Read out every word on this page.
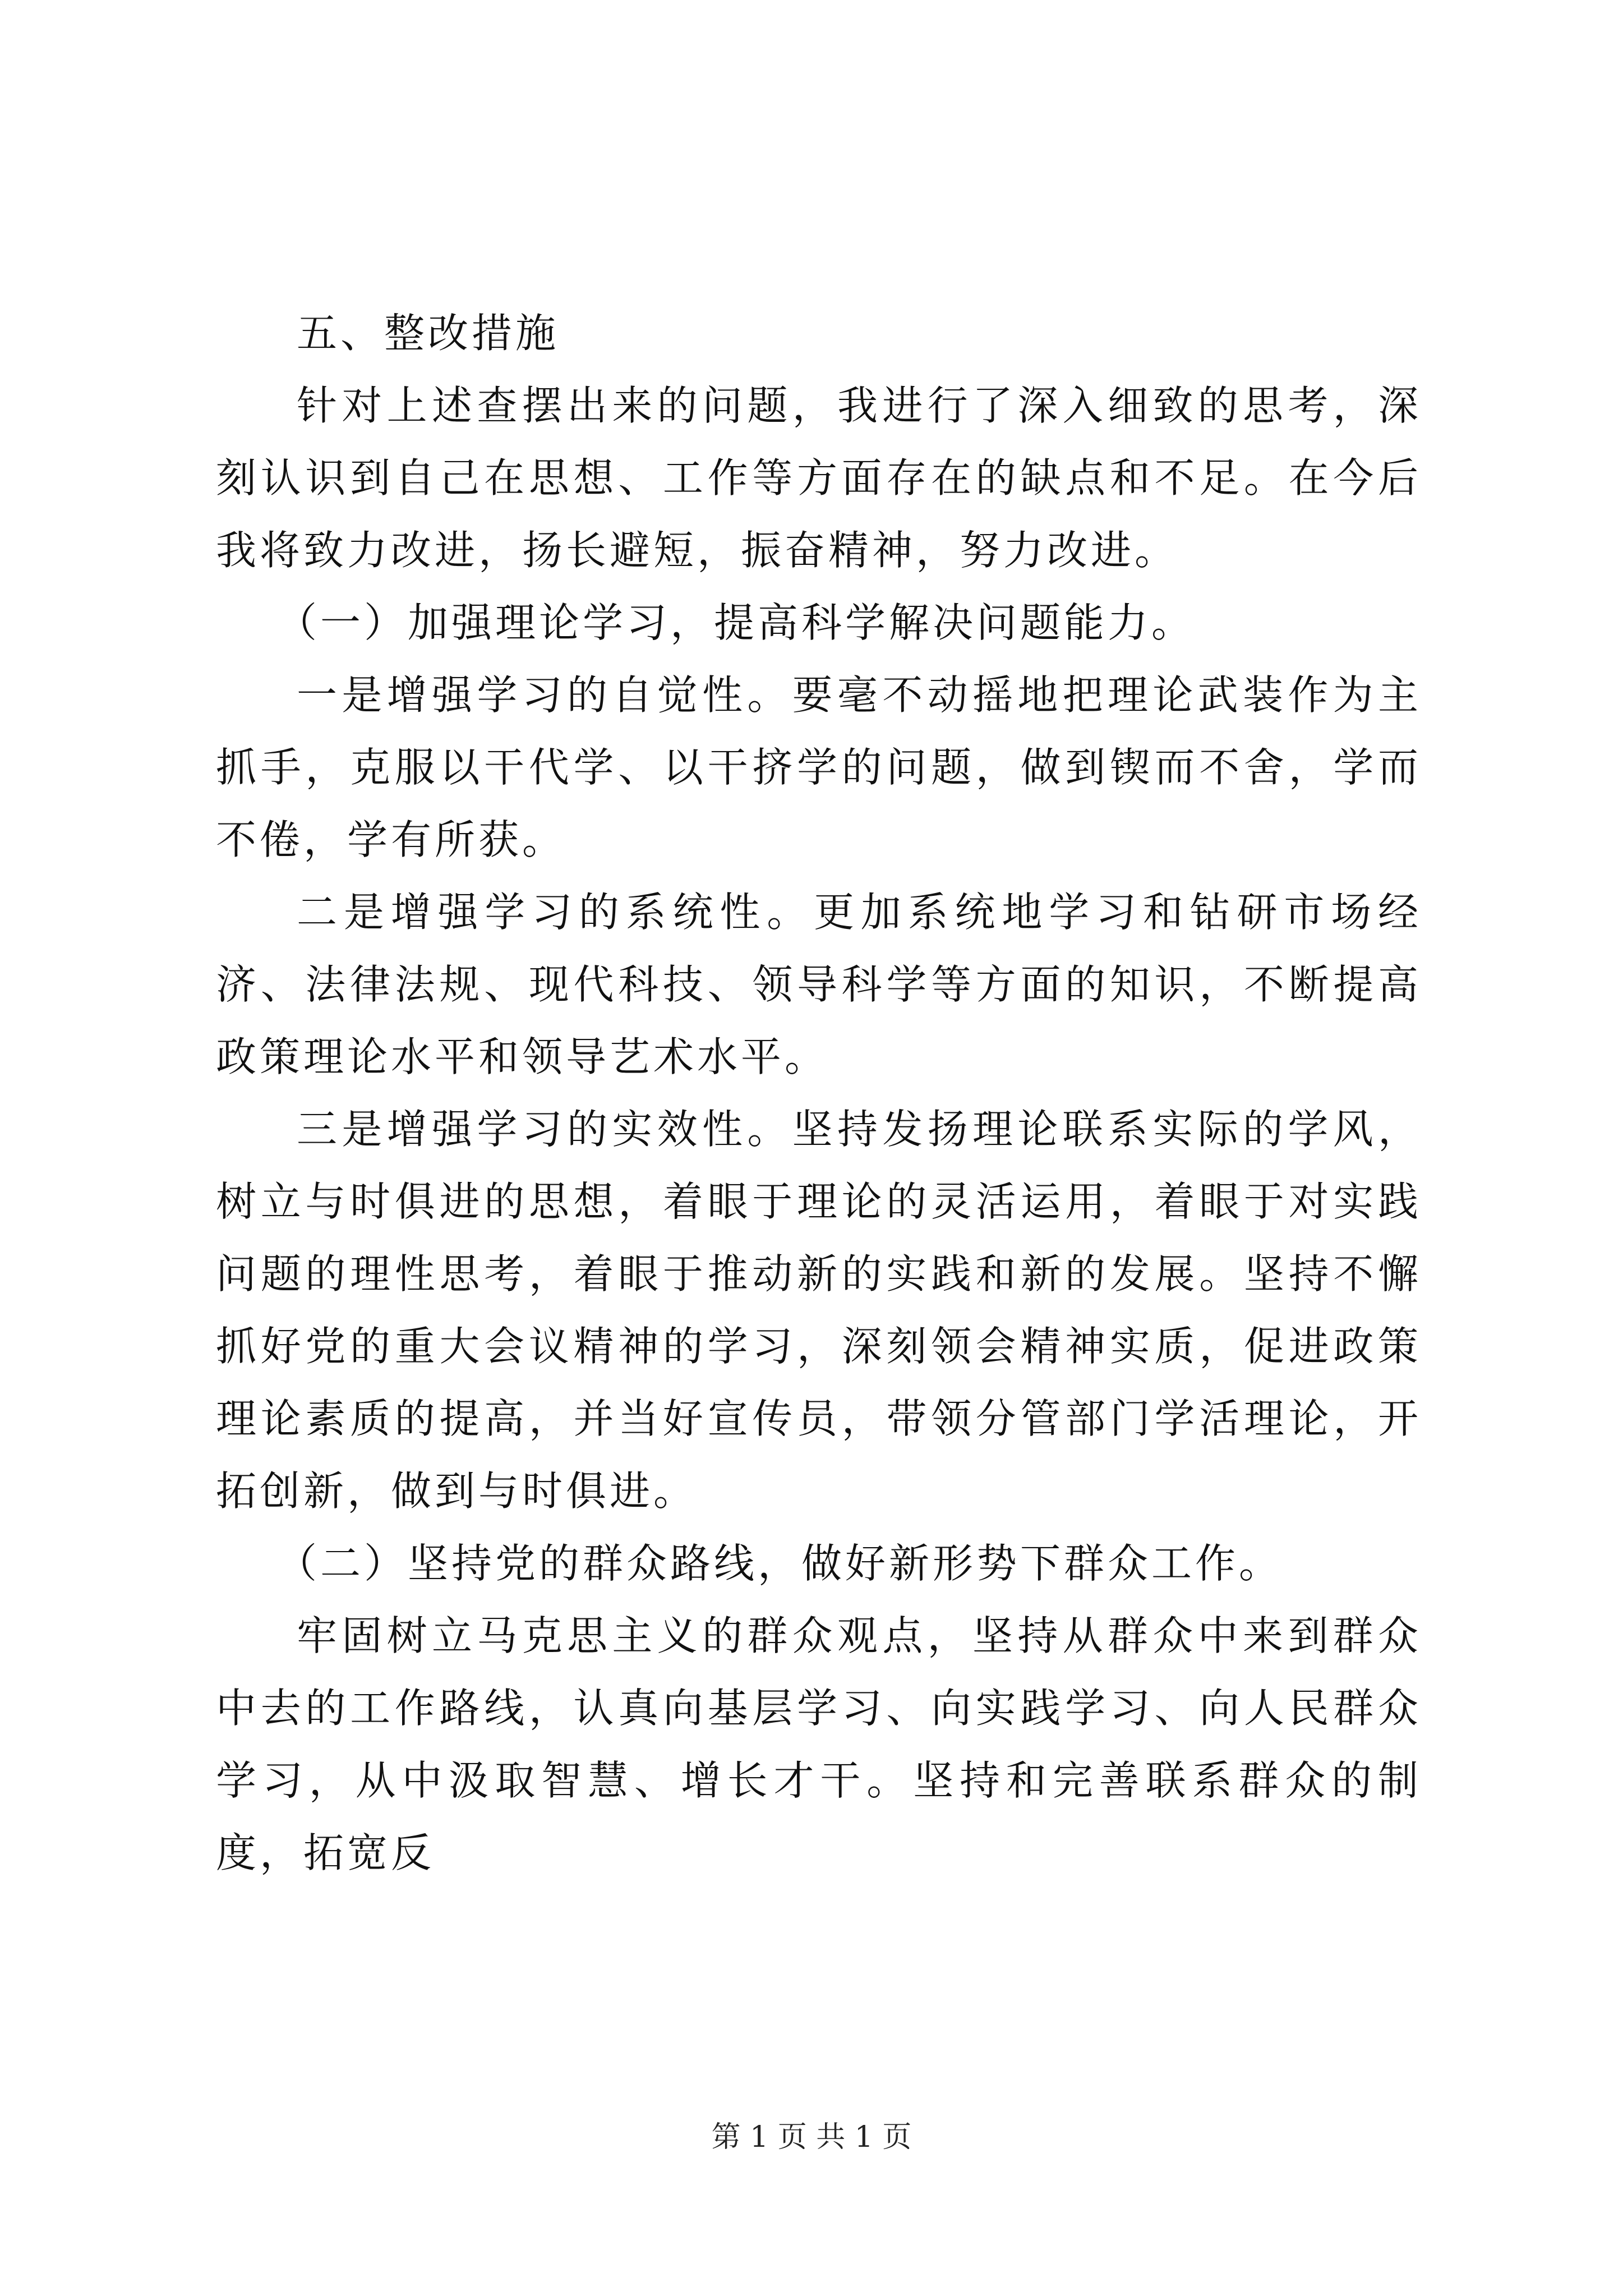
五、整改措施

针对上述查摆出来的问题，我进行了深入细致的思考，深刻认识到自己在思想、工作等方面存在的缺点和不足。在今后我将致力改进，扬长避短，振奋精神，努力改进。

（一）加强理论学习，提高科学解决问题能力。

一是增强学习的自觉性。要毫不动摇地把理论武装作为主抓手，克服以干代学、以干挤学的问题，做到锲而不舍，学而不倦，学有所获。

二是增强学习的系统性。更加系统地学习和钻研市场经济、法律法规、现代科技、领导科学等方面的知识，不断提高政策理论水平和领导艺术水平。

三是增强学习的实效性。坚持发扬理论联系实际的学风，树立与时俱进的思想，着眼于理论的灵活运用，着眼于对实践问题的理性思考，着眼于推动新的实践和新的发展。坚持不懈抓好党的重大会议精神的学习，深刻领会精神实质，促进政策理论素质的提高，并当好宣传员，带领分管部门学活理论，开拓创新，做到与时俱进。

（二）坚持党的群众路线，做好新形势下群众工作。

牢固树立马克思主义的群众观点，坚持从群众中来到群众中去的工作路线，认真向基层学习、向实践学习、向人民群众学习，从中汲取智慧、增长才干。坚持和完善联系群众的制度，拓宽反

第 1 页 共 1 页
